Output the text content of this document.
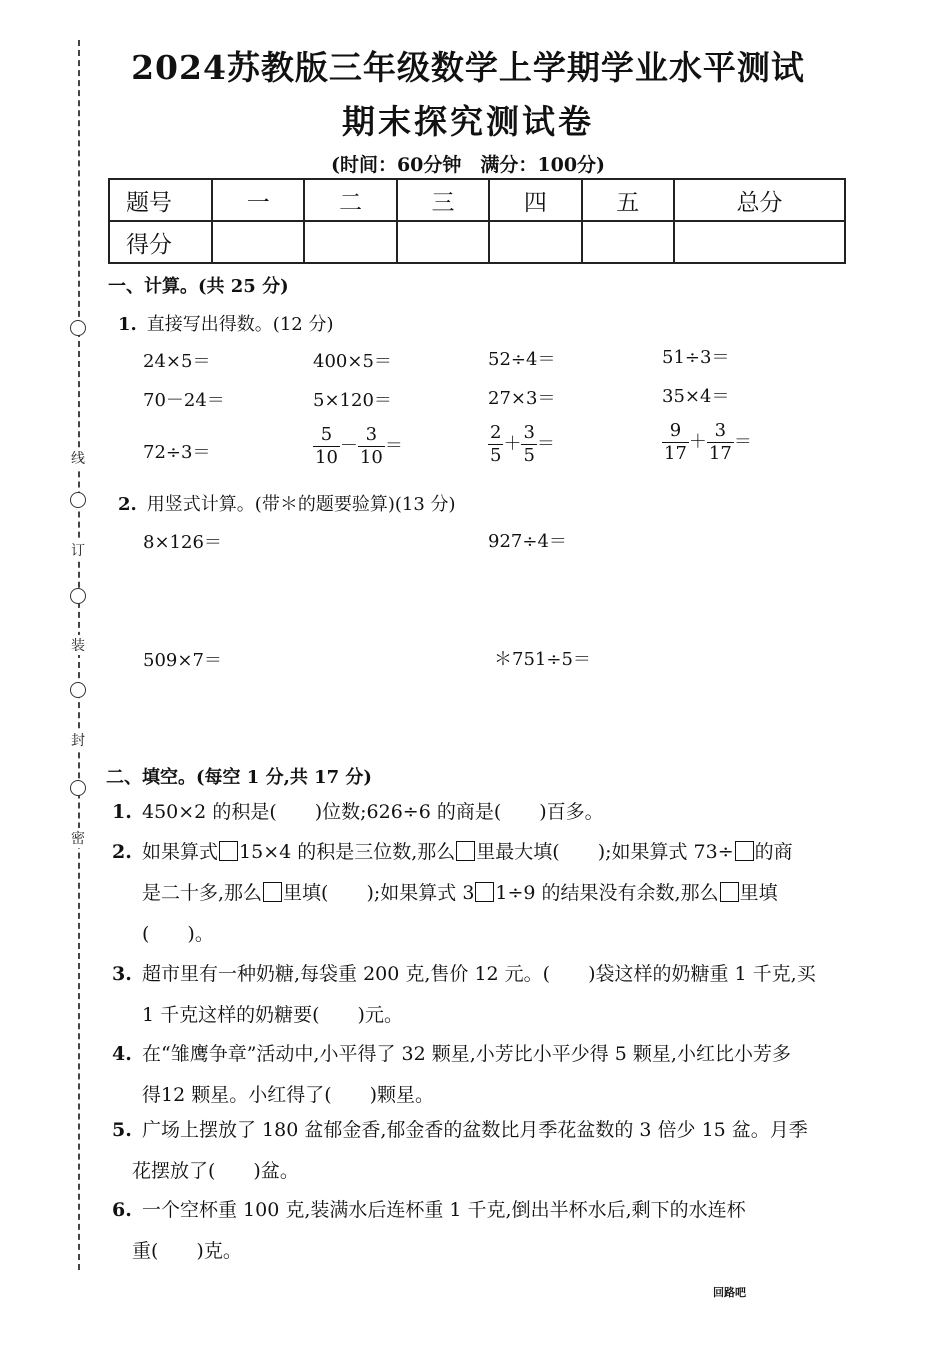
线
订
装
封
密
2024苏教版三年级数学上学期学业水平测试
期末探究测试卷
(时间：60分钟　满分：100分)
题号	一	二	三	四	五	总分
得分						
一、计算。(共 25 分)
1. 直接写出得数。(12 分)
24×5＝	400×5＝	52÷4＝	51÷3＝
70－24＝	5×120＝	27×3＝	35×4＝
72÷3＝	$\frac{5}{10} - \frac{3}{10}$ ＝	$\frac{2}{5} + \frac{3}{5}$ ＝	$\frac{9}{17} + \frac{3}{17}$ ＝
2. 用竖式计算。(带＊的题要验算)(13 分)
8×126＝	927÷4＝
509×7＝	＊751÷5＝
二、填空。(每空 1 分,共 17 分)
1. 450×2 的积是(　　)位数;626÷6 的商是(　　)百多。
2. 如果算式 15×4 的积是三位数,那么 里最大填(　　);如果算式 73÷ 的商
是二十多,那么 里填(　　);如果算式 3 1÷9 的结果没有余数,那么 里填
(　　)。
3. 超市里有一种奶糖,每袋重 200 克,售价 12 元。(　　)袋这样的奶糖重 1 千克,买
1 千克这样的奶糖要(　　)元。
4. 在“雏鹰争章”活动中,小平得了 32 颗星,小芳比小平少得 5 颗星,小红比小芳多
得12 颗星。小红得了(　　)颗星。
5. 广场上摆放了 180 盆郁金香,郁金香的盆数比月季花盆数的 3 倍少 15 盆。月季
花摆放了(　　)盆。
6. 一个空杯重 100 克,装满水后连杯重 1 千克,倒出半杯水后,剩下的水连杯
重(　　)克。
回路吧
